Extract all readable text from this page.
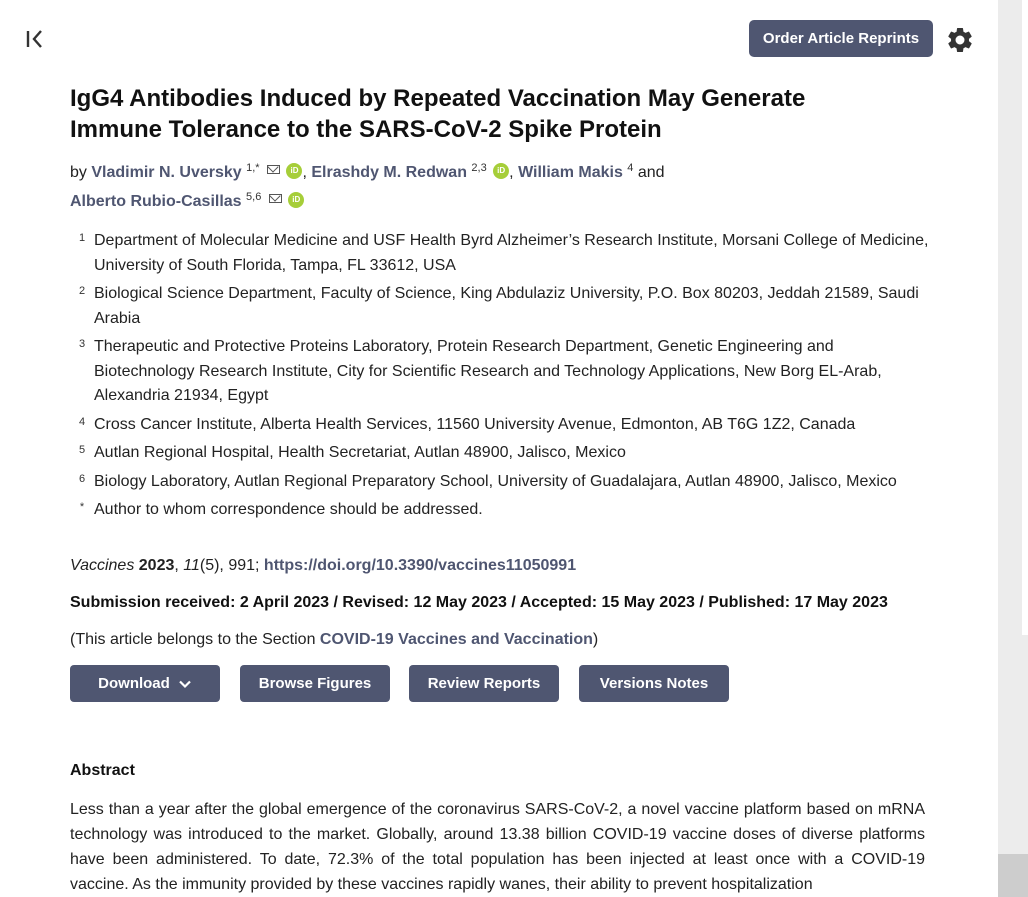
Order Article Reprints
IgG4 Antibodies Induced by Repeated Vaccination May Generate Immune Tolerance to the SARS-CoV-2 Spike Protein
by Vladimir N. Uversky $^{1,*}$	iD , Elrashdy M. Redwan $^{2,3}$ iD , William Makis $^4$ and
Alberto Rubio-Casillas $^{5,6}$	iD
1 Department of Molecular Medicine and USF Health Byrd Alzheimer’s Research Institute, Morsani College of Medicine, University of South Florida, Tampa, FL 33612, USA
2 Biological Science Department, Faculty of Science, King Abdulaziz University, P.O. Box 80203, Jeddah 21589, Saudi Arabia
3 Therapeutic and Protective Proteins Laboratory, Protein Research Department, Genetic Engineering and Biotechnology Research Institute, City for Scientific Research and Technology Applications, New Borg EL-Arab, Alexandria 21934, Egypt
4 Cross Cancer Institute, Alberta Health Services, 11560 University Avenue, Edmonton, AB T6G 1Z2, Canada
5 Autlan Regional Hospital, Health Secretariat, Autlan 48900, Jalisco, Mexico
6 Biology Laboratory, Autlan Regional Preparatory School, University of Guadalajara, Autlan 48900, Jalisco, Mexico
* Author to whom correspondence should be addressed.
Vaccines 2023, 11(5), 991; https://doi.org/10.3390/vaccines11050991
Submission received: 2 April 2023 / Revised: 12 May 2023 / Accepted: 15 May 2023 / Published: 17 May 2023
(This article belongs to the Section COVID-19 Vaccines and Vaccination)
Download	Browse Figures	Review Reports	Versions Notes
Abstract

Less than a year after the global emergence of the coronavirus SARS-CoV-2, a novel vaccine platform based on mRNA technology was introduced to the market. Globally, around 13.38 billion COVID-19 vaccine doses of diverse platforms have been administered. To date, 72.3% of the total population has been injected at least once with a COVID-19 vaccine. As the immunity provided by these vaccines rapidly wanes, their ability to prevent hospitalization
